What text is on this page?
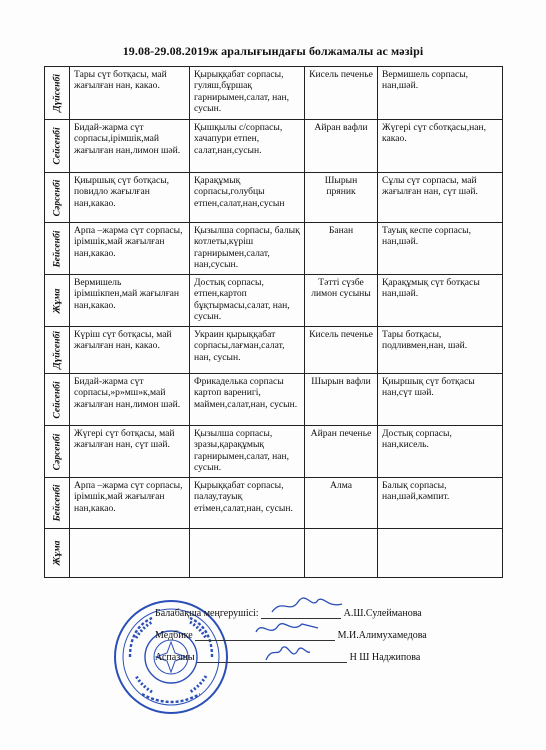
19.08-29.08.2019ж аралығындағы болжамалы ас мәзірі
Дүйсенбі	Тары сүт ботқасы, май жағылған нан, какао.	Қырыққабат сорпасы, гуляш,бұршақ гарнирымен,салат, нан, сусын.	Кисель печенье	Вермишель сорпасы, нан,шәй.

Сейсенбі	Бидай-жарма сүт сорпасы,ірімшік,май жағылған нан,лимон шәй.	Қышқылы с/сорпасы, хачапури етпен, салат,нан,сусын.	Айран вафли	Жүгері сүт сботқасы,нан, какао.

Сәрсенбі	Қиыршық сүт ботқасы, повидло жағылған нан,какао.	Қарақұмық сорпасы,голубцы етпен,салат,нан,сусын	Шырын пряник	Сұлы сүт сорпасы, май жағылған нан, сүт шәй.

Бейсенбі	Арпа –жарма сүт сорпасы, ірімшік,май жағылған нан,какао.	Қызылша сорпасы, балық котлеты,күріш гарнирымен,салат, нан,сусын.	Банан	Тауық кеспе сорпасы, нан,шәй.

Жұма	Вермишель ірімшікпен,май жағылған нан,какао.	Достық сорпасы, етпен,картоп бұқтырмасы,салат, нан, сусын.	Тәтті сүзбе лимон сусыны	Қарақұмық сүт ботқасы нан,шәй.

Дүйсенбі	Күріш сүт ботқасы, май жағылған нан, какао.	Украин қырыққабат сорпасы,лағман,салат, нан, сусын.	Кисель печенье	Тары ботқасы, подливмен,нан, шәй.

Сейсенбі	Бидай-жарма сүт сорпасы,»р»мш»к,май жағылған нан,лимон шәй.	Фрикаделька сорпасы картоп варенигі, маймен,салат,нан, сусын.	Шырын вафли	Қиыршық сүт ботқасы нан,сүт шәй.

Сәрсенбі	Жүгері сүт ботқасы, май жағылған нан, сүт шәй.	Қызылша сорпасы, зразы,қарақұмық гарнирымен,салат, нан, сусын.	Айран печенье	Достық сорпасы, нан,кисель.

Бейсенбі	Арпа –жарма сүт сорпасы, ірімшік,май жағылған нан,какао.	Қырыққабат сорпасы, палау,тауық етімен,салат,нан, сусын.	Алма	Балық сорпасы, нан,шәй,кәмпит.

Жұма				

Балабақша меңгерушісі:	А.Ш.Сулейманова
Медбике	М.И.Алимухамедова
Аспазшы	Н Ш Наджипова
